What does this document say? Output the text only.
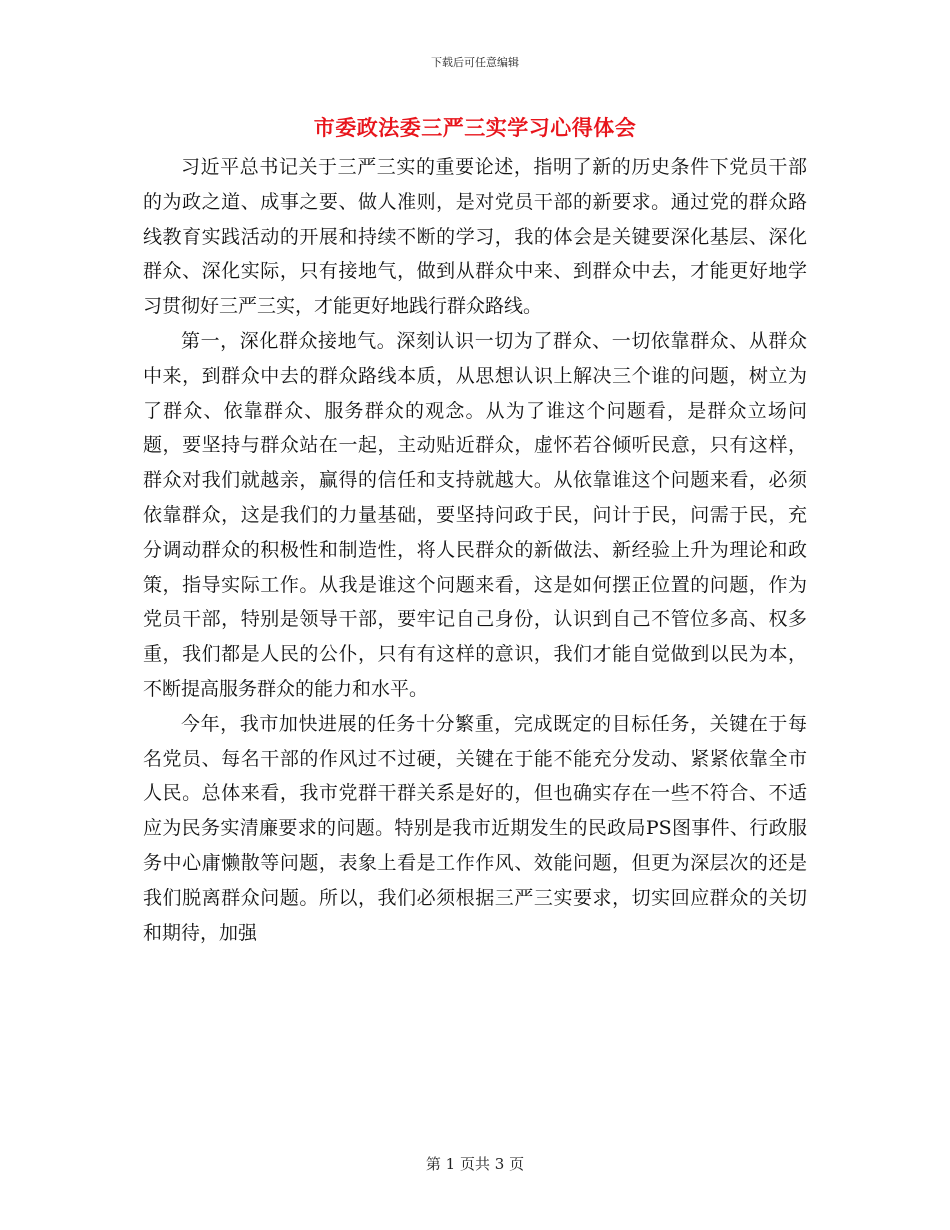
下载后可任意编辑
市委政法委三严三实学习心得体会

习近平总书记关于三严三实的重要论述，指明了新的历史条件下党员干部的为政之道、成事之要、做人准则，是对党员干部的新要求。通过党的群众路线教育实践活动的开展和持续不断的学习，我的体会是关键要深化基层、深化群众、深化实际，只有接地气，做到从群众中来、到群众中去，才能更好地学习贯彻好三严三实，才能更好地践行群众路线。

第一，深化群众接地气。深刻认识一切为了群众、一切依靠群众、从群众中来，到群众中去的群众路线本质，从思想认识上解决三个谁的问题，树立为了群众、依靠群众、服务群众的观念。从为了谁这个问题看，是群众立场问题，要坚持与群众站在一起，主动贴近群众，虚怀若谷倾听民意，只有这样，群众对我们就越亲，赢得的信任和支持就越大。从依靠谁这个问题来看，必须依靠群众，这是我们的力量基础，要坚持问政于民，问计于民，问需于民，充分调动群众的积极性和制造性，将人民群众的新做法、新经验上升为理论和政策，指导实际工作。从我是谁这个问题来看，这是如何摆正位置的问题，作为党员干部，特别是领导干部，要牢记自己身份，认识到自己不管位多高、权多重，我们都是人民的公仆，只有有这样的意识，我们才能自觉做到以民为本，不断提高服务群众的能力和水平。

今年，我市加快进展的任务十分繁重，完成既定的目标任务，关键在于每名党员、每名干部的作风过不过硬，关键在于能不能充分发动、紧紧依靠全市人民。总体来看，我市党群干群关系是好的，但也确实存在一些不符合、不适应为民务实清廉要求的问题。特别是我市近期发生的民政局PS图事件、行政服务中心庸懒散等问题，表象上看是工作作风、效能问题，但更为深层次的还是我们脱离群众问题。所以，我们必须根据三严三实要求，切实回应群众的关切和期待，加强

第 1 页共 3 页
